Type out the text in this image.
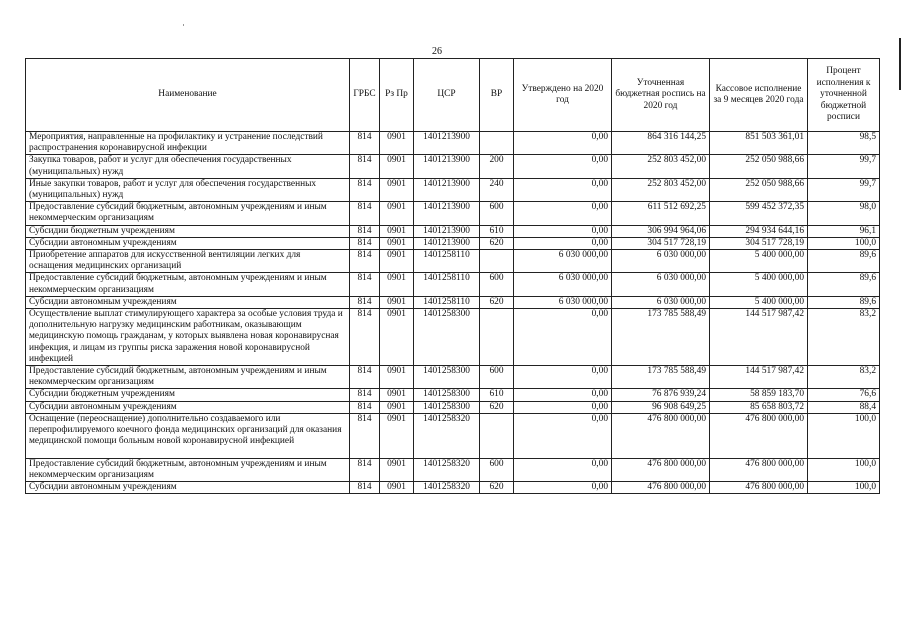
26
Наименование	ГРБС	Рз Пр	ЦСР	ВР	Утверждено на 2020 год	Уточненная бюджетная роспись на 2020 год	Кассовое исполнение за 9 месяцев 2020 года	Процент исполнения к уточненной бюджетной росписи
Мероприятия, направленные на профилактику и устранение последствий распространения коронавирусной инфекции	814	0901	1401213900		0,00	864 316 144,25	851 503 361,01	98,5
Закупка товаров, работ и услуг для обеспечения государственных (муниципальных) нужд	814	0901	1401213900	200	0,00	252 803 452,00	252 050 988,66	99,7
Иные закупки товаров, работ и услуг для обеспечения государственных (муниципальных) нужд	814	0901	1401213900	240	0,00	252 803 452,00	252 050 988,66	99,7
Предоставление субсидий бюджетным, автономным учреждениям и иным некоммерческим организациям	814	0901	1401213900	600	0,00	611 512 692,25	599 452 372,35	98,0
Субсидии бюджетным учреждениям	814	0901	1401213900	610	0,00	306 994 964,06	294 934 644,16	96,1
Субсидии автономным учреждениям	814	0901	1401213900	620	0,00	304 517 728,19	304 517 728,19	100,0
Приобретение аппаратов для искусственной вентиляции легких для оснащения медицинских организаций	814	0901	1401258110		6 030 000,00	6 030 000,00	5 400 000,00	89,6
Предоставление субсидий бюджетным, автономным учреждениям и иным некоммерческим организациям	814	0901	1401258110	600	6 030 000,00	6 030 000,00	5 400 000,00	89,6
Субсидии автономным учреждениям	814	0901	1401258110	620	6 030 000,00	6 030 000,00	5 400 000,00	89,6
Осуществление выплат стимулирующего характера за особые условия труда и дополнительную нагрузку медицинским работникам, оказывающим медицинскую помощь гражданам, у которых выявлена новая коронавирусная инфекция, и лицам из группы риска заражения новой коронавирусной инфекцией	814	0901	1401258300		0,00	173 785 588,49	144 517 987,42	83,2
Предоставление субсидий бюджетным, автономным учреждениям и иным некоммерческим организациям	814	0901	1401258300	600	0,00	173 785 588,49	144 517 987,42	83,2
Субсидии бюджетным учреждениям	814	0901	1401258300	610	0,00	76 876 939,24	58 859 183,70	76,6
Субсидии автономным учреждениям	814	0901	1401258300	620	0,00	96 908 649,25	85 658 803,72	88,4
Оснащение (переоснащение) дополнительно создаваемого или перепрофилируемого коечного фонда медицинских организаций для оказания медицинской помощи больным новой коронавирусной инфекцией	814	0901	1401258320		0,00	476 800 000,00	476 800 000,00	100,0
Предоставление субсидий бюджетным, автономным учреждениям и иным некоммерческим организациям	814	0901	1401258320	600	0,00	476 800 000,00	476 800 000,00	100,0
Субсидии автономным учреждениям	814	0901	1401258320	620	0,00	476 800 000,00	476 800 000,00	100,0
